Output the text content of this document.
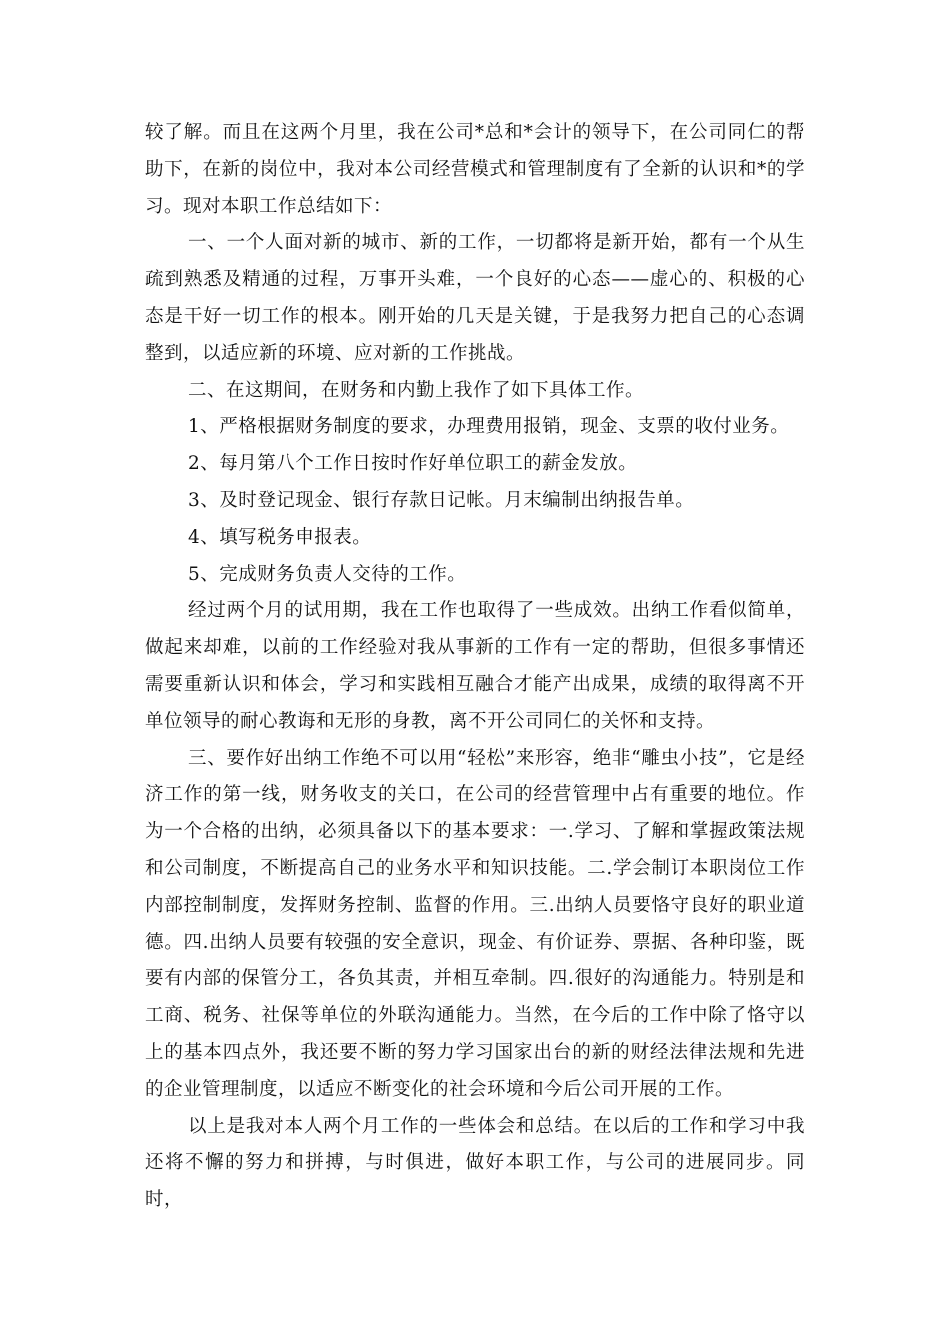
较了解。而且在这两个月里，我在公司*总和*会计的领导下，在公司同仁的帮助下，在新的岗位中，我对本公司经营模式和管理制度有了全新的认识和*的学习。现对本职工作总结如下：

一、一个人面对新的城市、新的工作，一切都将是新开始，都有一个从生疏到熟悉及精通的过程，万事开头难，一个良好的心态——虚心的、积极的心态是干好一切工作的根本。刚开始的几天是关键，于是我努力把自己的心态调整到，以适应新的环境、应对新的工作挑战。

二、在这期间，在财务和内勤上我作了如下具体工作。

1、严格根据财务制度的要求，办理费用报销，现金、支票的收付业务。

2、每月第八个工作日按时作好单位职工的薪金发放。

3、及时登记现金、银行存款日记帐。月末编制出纳报告单。

4、填写税务申报表。

5、完成财务负责人交待的工作。

经过两个月的试用期，我在工作也取得了一些成效。出纳工作看似简单，做起来却难，以前的工作经验对我从事新的工作有一定的帮助，但很多事情还需要重新认识和体会，学习和实践相互融合才能产出成果，成绩的取得离不开单位领导的耐心教诲和无形的身教，离不开公司同仁的关怀和支持。

三、要作好出纳工作绝不可以用“轻松”来形容，绝非“雕虫小技”，它是经济工作的第一线，财务收支的关口，在公司的经营管理中占有重要的地位。作为一个合格的出纳，必须具备以下的基本要求：一.学习、了解和掌握政策法规和公司制度，不断提高自己的业务水平和知识技能。二.学会制订本职岗位工作内部控制制度，发挥财务控制、监督的作用。三.出纳人员要恪守良好的职业道德。四.出纳人员要有较强的安全意识，现金、有价证券、票据、各种印鉴，既要有内部的保管分工，各负其责，并相互牵制。四.很好的沟通能力。特别是和工商、税务、社保等单位的外联沟通能力。当然，在今后的工作中除了恪守以上的基本四点外，我还要不断的努力学习国家出台的新的财经法律法规和先进的企业管理制度，以适应不断变化的社会环境和今后公司开展的工作。

以上是我对本人两个月工作的一些体会和总结。在以后的工作和学习中我还将不懈的努力和拼搏，与时俱进，做好本职工作，与公司的进展同步。同时，
